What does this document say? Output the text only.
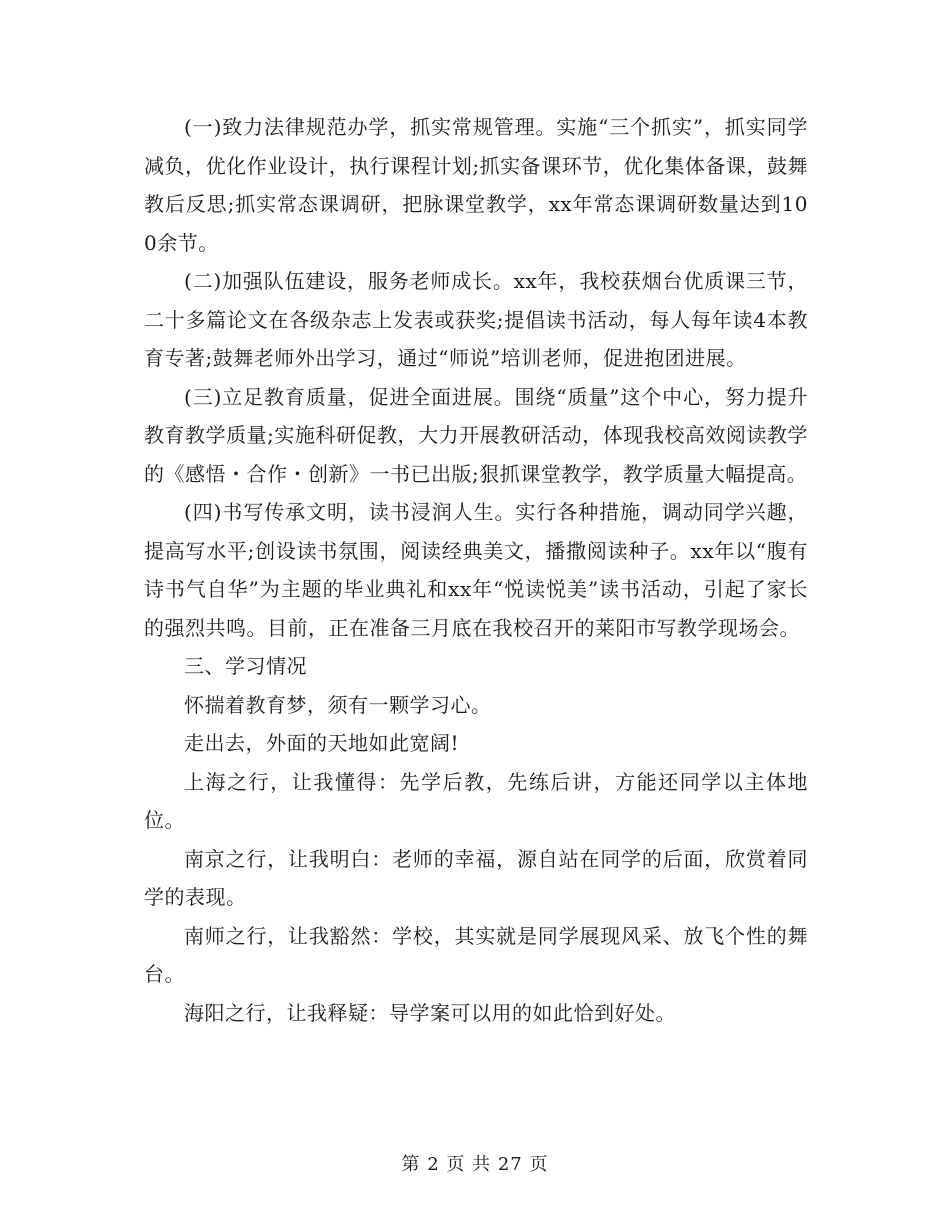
(一)致力法律规范办学，抓实常规管理。实施“三个抓实”，抓实同学减负，优化作业设计，执行课程计划;抓实备课环节，优化集体备课，鼓舞教后反思;抓实常态课调研，把脉课堂教学，xx年常态课调研数量达到100余节。

(二)加强队伍建设，服务老师成长。xx年，我校获烟台优质课三节，二十多篇论文在各级杂志上发表或获奖;提倡读书活动，每人每年读4本教育专著;鼓舞老师外出学习，通过“师说”培训老师，促进抱团进展。

(三)立足教育质量，促进全面进展。围绕“质量”这个中心，努力提升教育教学质量;实施科研促教，大力开展教研活动，体现我校高效阅读教学的《感悟・合作・创新》一书已出版;狠抓课堂教学，教学质量大幅提高。

(四)书写传承文明，读书浸润人生。实行各种措施，调动同学兴趣，提高写水平;创设读书氛围，阅读经典美文，播撒阅读种子。xx年以“腹有诗书气自华”为主题的毕业典礼和xx年“悦读悦美”读书活动，引起了家长的强烈共鸣。目前，正在准备三月底在我校召开的莱阳市写教学现场会。

三、学习情况

怀揣着教育梦，须有一颗学习心。

走出去，外面的天地如此宽阔!

上海之行，让我懂得：先学后教，先练后讲，方能还同学以主体地位。

南京之行，让我明白：老师的幸福，源自站在同学的后面，欣赏着同学的表现。

南师之行，让我豁然：学校，其实就是同学展现风采、放飞个性的舞台。

海阳之行，让我释疑：导学案可以用的如此恰到好处。

第 2 页 共 27 页
